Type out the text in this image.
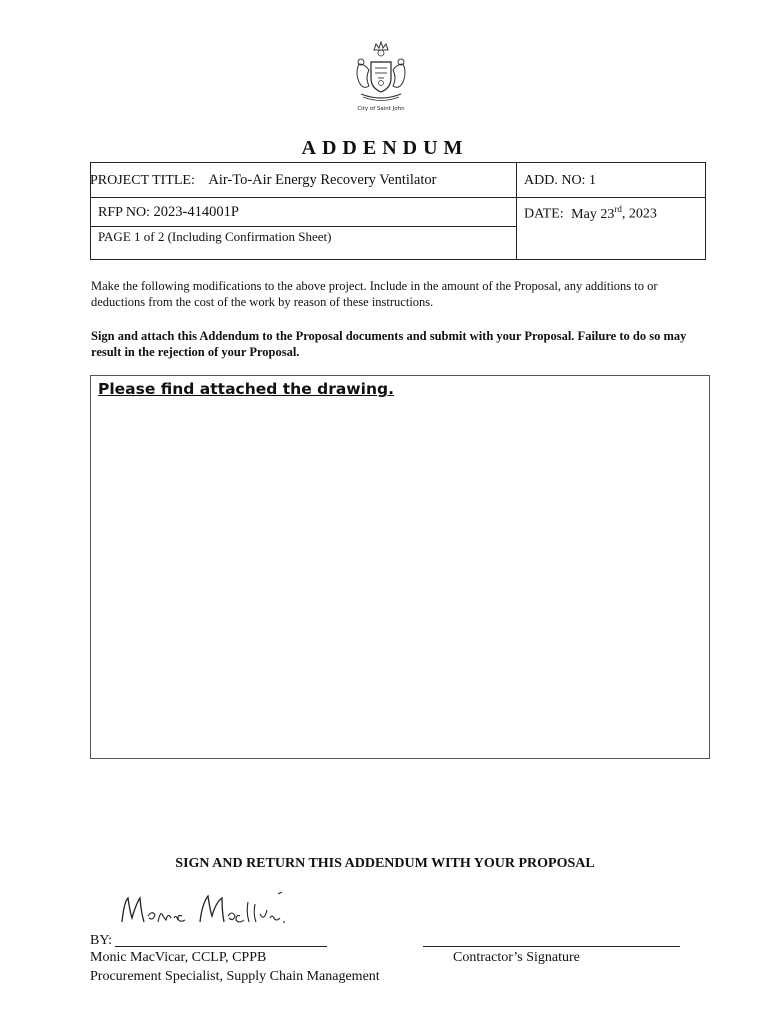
City of Saint John
ADDENDUM
PROJECT TITLE: Air-To-Air Energy Recovery Ventilator	ADD. NO: 1
RFP NO: 2023-414001P	DATE: May 23rd, 2023
PAGE 1 of 2 (Including Confirmation Sheet)
Make the following modifications to the above project. Include in the amount of the Proposal, any additions to or deductions from the cost of the work by reason of these instructions.
Sign and attach this Addendum to the Proposal documents and submit with your Proposal. Failure to do so may result in the rejection of your Proposal.
Please find attached the drawing.
SIGN AND RETURN THIS ADDENDUM WITH YOUR PROPOSAL
BY:
Monic MacVicar, CCLP, CPPB
Procurement Specialist, Supply Chain Management
Contractor’s Signature
